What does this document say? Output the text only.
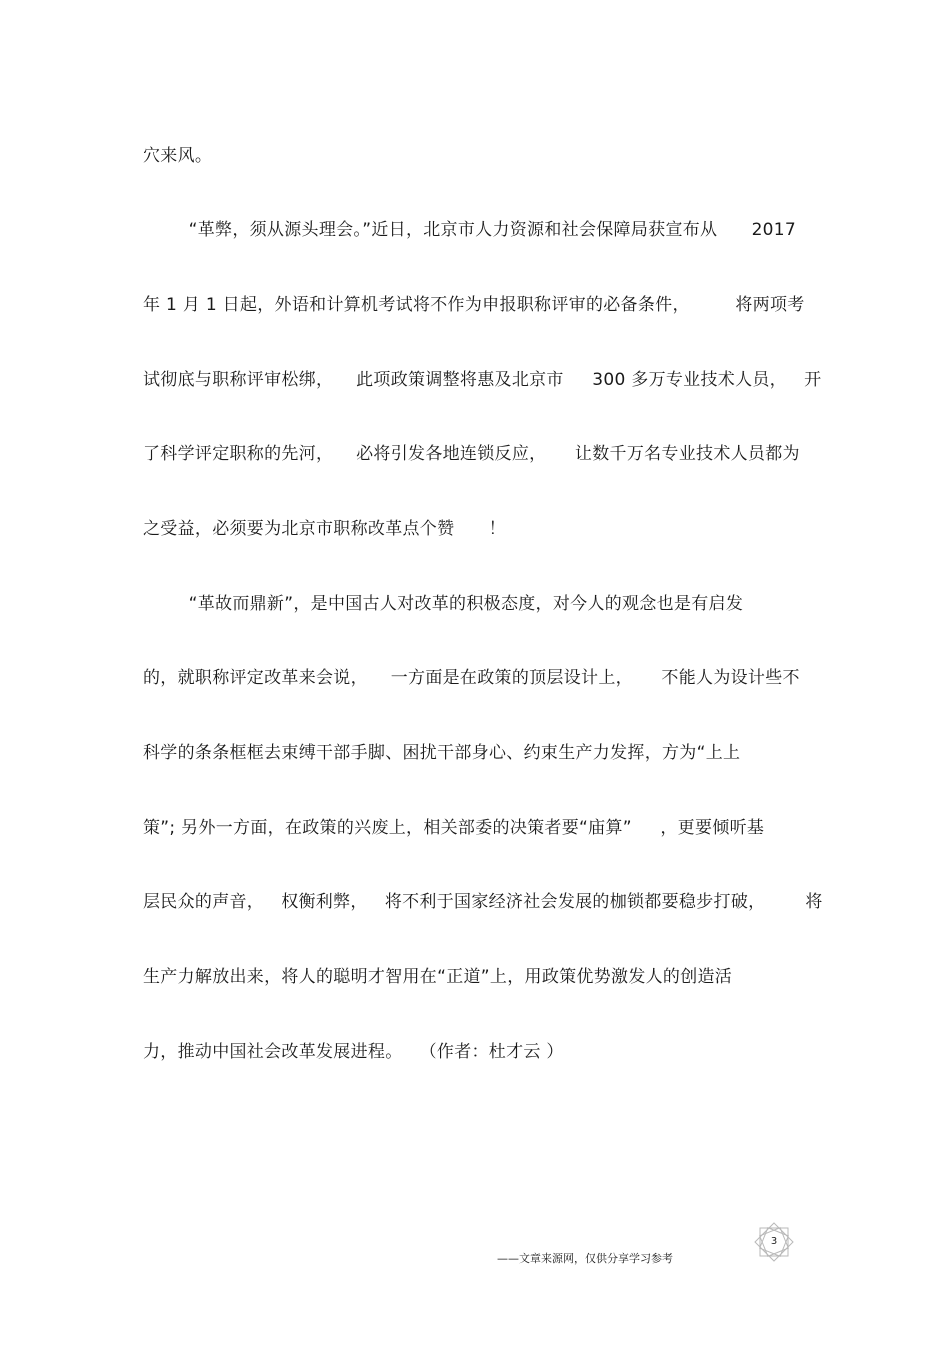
穴来风。
“革弊，须从源头理会。”近日，北京市人力资源和社会保障局获宣布从      2017
年 1 月 1 日起，外语和计算机考试将不作为申报职称评审的必备条件，        将两项考
试彻底与职称评审松绑，    此项政策调整将惠及北京市     300 多万专业技术人员，   开
了科学评定职称的先河，    必将引发各地连锁反应，     让数千万名专业技术人员都为
之受益，必须要为北京市职称改革点个赞      ！
“革故而鼎新”，是中国古人对改革的积极态度，对今人的观念也是有启发
的，就职称评定改革来会说，    一方面是在政策的顶层设计上，     不能人为设计些不
科学的条条框框去束缚干部手脚、困扰干部身心、约束生产力发挥，方为“上上
策”; 另外一方面，在政策的兴废上，相关部委的决策者要“庙算”     ，更要倾听基
层民众的声音，   权衡利弊，   将不利于国家经济社会发展的枷锁都要稳步打破，       将
生产力解放出来，将人的聪明才智用在“正道”上，用政策优势激发人的创造活
力，推动中国社会改革发展进程。   （作者：杜才云 ）
3
——文章来源网，仅供分享学习参考
